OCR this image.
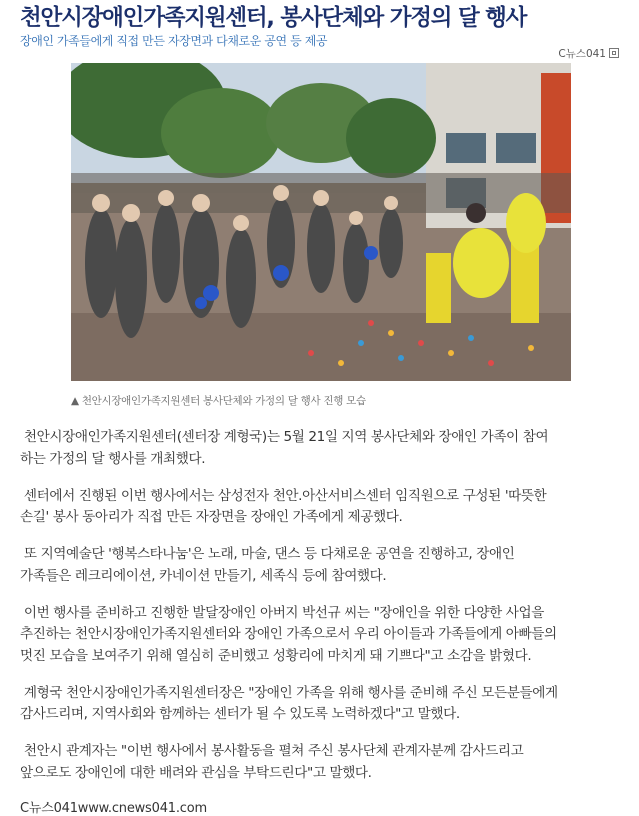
천안시장애인가족지원센터, 봉사단체와 가정의 달 행사
장애인 가족들에게 직접 만든 자장면과 다채로운 공연 등 제공
C뉴스041
▲ 천안시장애인가족지원센터 봉사단체와 가정의 달 행사 진행 모습

천안시장애인가족지원센터(센터장 계형국)는 5월 21일 지역 봉사단체와 장애인 가족이 참여
하는 가정의 달 행사를 개최했다.

센터에서 진행된 이번 행사에서는 삼성전자 천안.아산서비스센터 임직원으로 구성된 '따뜻한
손길' 봉사 동아리가 직접 만든 자장면을 장애인 가족에게 제공했다.

또 지역예술단 '행복스타나눔'은 노래, 마술, 댄스 등 다채로운 공연을 진행하고, 장애인
가족들은 레크리에이션, 카네이션 만들기, 세족식 등에 참여했다.

이번 행사를 준비하고 진행한 발달장애인 아버지 박선규 씨는 "장애인을 위한 다양한 사업을
추진하는 천안시장애인가족지원센터와 장애인 가족으로서 우리 아이들과 가족들에게 아빠들의
멋진 모습을 보여주기 위해 열심히 준비했고 성황리에 마치게 돼 기쁘다"고 소감을 밝혔다.

계형국 천안시장애인가족지원센터장은 "장애인 가족을 위해 행사를 준비해 주신 모든분들에게
감사드리며, 지역사회와 함께하는 센터가 될 수 있도록 노력하겠다"고 말했다.

천안시 관계자는 "이번 행사에서 봉사활동을 펼쳐 주신 봉사단체 관계자분께 감사드리고
앞으로도 장애인에 대한 배려와 관심을 부탁드린다"고 말했다.

C뉴스041www.cnews041.com
